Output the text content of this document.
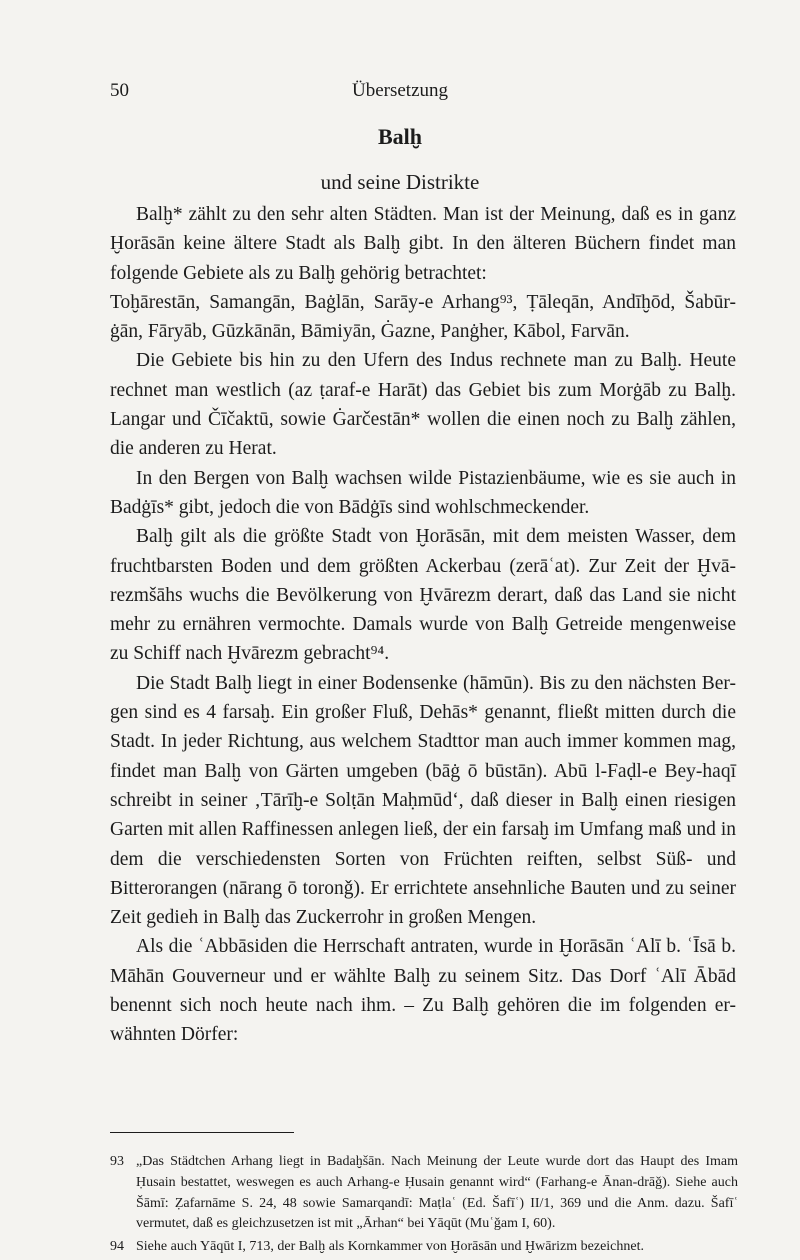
50	Übersetzung
Balḫ
und seine Distrikte

Balḫ* zählt zu den sehr alten Städten. Man ist der Meinung, daß es in ganz Ḫorāsān keine ältere Stadt als Balḫ gibt. In den älteren Büchern findet man folgende Gebiete als zu Balḫ gehörig betrachtet:

Toḫārestān, Samangān, Baġlān, Sarāy-e Arhang⁹³, Ṭāleqān, Andīḫōd, Šabūr-ġān, Fāryāb, Gūzkānān, Bāmiyān, Ġazne, Panġher, Kābol, Farvān.

Die Gebiete bis hin zu den Ufern des Indus rechnete man zu Balḫ. Heute rechnet man westlich (az ṭaraf-e Harāt) das Gebiet bis zum Morġāb zu Balḫ. Langar und Čīčaktū, sowie Ġarčestān* wollen die einen noch zu Balḫ zählen, die anderen zu Herat.

In den Bergen von Balḫ wachsen wilde Pistazienbäume, wie es sie auch in Badġīs* gibt, jedoch die von Bādġīs sind wohlschmeckender.

Balḫ gilt als die größte Stadt von Ḫorāsān, mit dem meisten Wasser, dem fruchtbarsten Boden und dem größten Ackerbau (zerāʿat). Zur Zeit der Ḫvā-rezmšāhs wuchs die Bevölkerung von Ḫvārezm derart, daß das Land sie nicht mehr zu ernähren vermochte. Damals wurde von Balḫ Getreide mengenweise zu Schiff nach Ḫvārezm gebracht⁹⁴.

Die Stadt Balḫ liegt in einer Bodensenke (hāmūn). Bis zu den nächsten Ber-gen sind es 4 farsaḫ. Ein großer Fluß, Dehās* genannt, fließt mitten durch die Stadt. In jeder Richtung, aus welchem Stadttor man auch immer kommen mag, findet man Balḫ von Gärten umgeben (bāġ ō būstān). Abū l-Faḍl-e Bey-haqī schreibt in seiner ‚Tārīḫ-e Solṭān Maḥmūd‘, daß dieser in Balḫ einen riesigen Garten mit allen Raffinessen anlegen ließ, der ein farsaḫ im Umfang maß und in dem die verschiedensten Sorten von Früchten reiften, selbst Süß- und Bitterorangen (nārang ō toronǧ). Er errichtete ansehnliche Bauten und zu seiner Zeit gedieh in Balḫ das Zuckerrohr in großen Mengen.

Als die ʿAbbāsiden die Herrschaft antraten, wurde in Ḫorāsān ʿAlī b. ʿĪsā b. Māhān Gouverneur und er wählte Balḫ zu seinem Sitz. Das Dorf ʿAlī Ābād benennt sich noch heute nach ihm. – Zu Balḫ gehören die im folgenden er-wähnten Dörfer:

93 „Das Städtchen Arhang liegt in Badaḫšān. Nach Meinung der Leute wurde dort das Haupt des Imam Ḥusain bestattet, weswegen es auch Arhang-e Ḥusain genannt wird“ (Farhang-e Ānan-drāǧ). Siehe auch Šāmī: Ẓafarnāme S. 24, 48 sowie Samarqandī: Maṭlaʿ (Ed. Šafīʿ) II/1, 369 und die Anm. dazu. Šafīʿ vermutet, daß es gleichzusetzen ist mit „Ārhan“ bei Yāqūt (Muʿǧam I, 60).
94 Siehe auch Yāqūt I, 713, der Balḫ als Kornkammer von Ḫorāsān und Ḫwārizm bezeichnet.
